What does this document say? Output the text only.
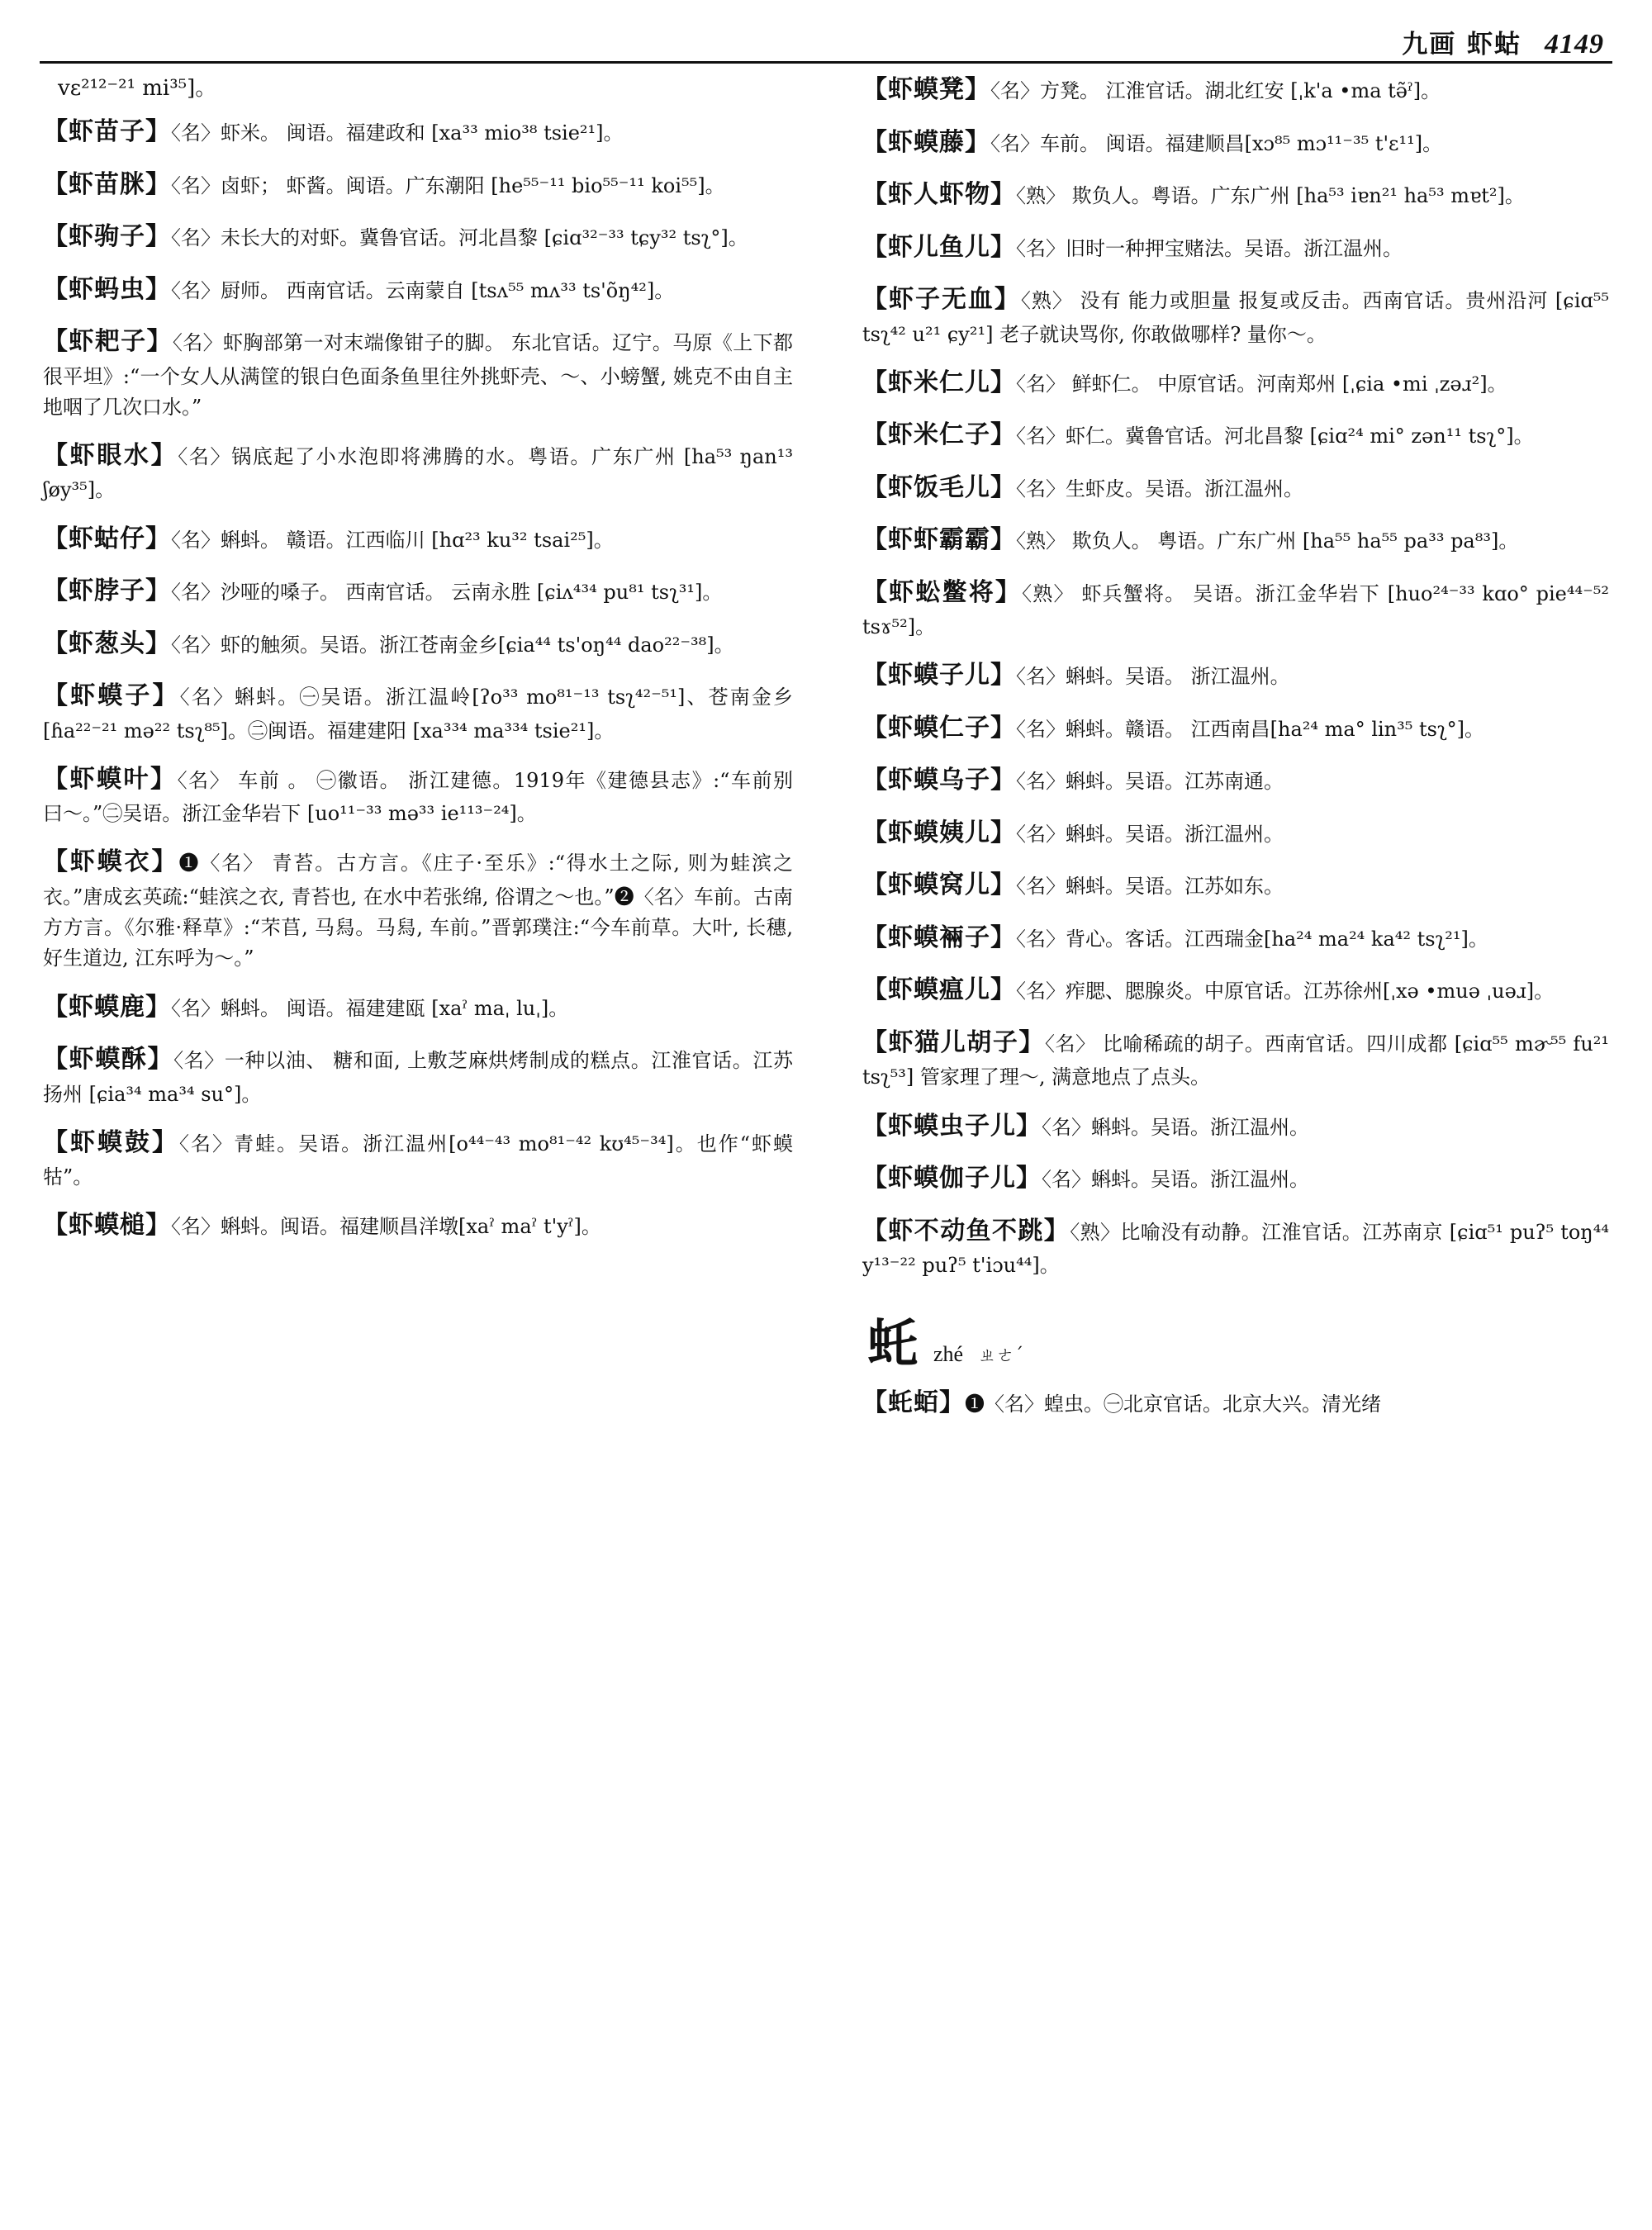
九画 虾蛄 4149
vɛ²¹²⁻²¹ mi³⁵]。
【虾苗子】〈名〉虾米。 闽语。福建政和 [xa³³ mio³⁸ tsie²¹]。
【虾苗脒】〈名〉卤虾； 虾酱。闽语。广东潮阳 [he⁵⁵⁻¹¹ bio⁵⁵⁻¹¹ koi⁵⁵]。
【虾驹子】〈名〉未长大的对虾。冀鲁官话。河北昌黎 [ɕiɑ³²⁻³³ tɕy³² tsʅ°]。
【虾蚂虫】〈名〉厨师。 西南官话。云南蒙自 [tsʌ⁵⁵ mʌ³³ ts'õŋ⁴²]。
【虾耙子】〈名〉虾胸部第一对末端像钳子的脚。 东北官话。辽宁。马原《上下都很平坦》:“一个女人从满筐的银白色面条鱼里往外挑虾壳、〜、小螃蟹, 姚克不由自主地咽了几次口水。”
【虾眼水】〈名〉锅底起了小水泡即将沸腾的水。粤语。广东广州 [ha⁵³ ŋan¹³ ʃøy³⁵]。
【虾蛄仔】〈名〉蝌蚪。 赣语。江西临川 [hɑ²³ ku³² tsai²⁵]。
【虾脖子】〈名〉沙哑的嗓子。 西南官话。 云南永胜 [ɕiʌ⁴³⁴ pu⁸¹ tsʅ³¹]。
【虾葱头】〈名〉虾的触须。吴语。浙江苍南金乡[ɕia⁴⁴ ts'oŋ⁴⁴ dao²²⁻³⁸]。
【虾蟆子】〈名〉蝌蚪。㊀吴语。浙江温岭[ʔo³³ mo⁸¹⁻¹³ tsʅ⁴²⁻⁵¹]、苍南金乡 [ɦa²²⁻²¹ mə²² tsʅ⁸⁵]。㊁闽语。福建建阳 [xa³³⁴ ma³³⁴ tsie²¹]。
【虾蟆叶】〈名〉 车前 。 ㊀徽语。 浙江建德。1919年《建德县志》:“车前别曰〜。”㊁吴语。浙江金华岩下 [uo¹¹⁻³³ mə³³ ie¹¹³⁻²⁴]。
【虾蟆衣】❶〈名〉 青苔。古方言。《庄子·至乐》:“得水土之际, 则为蛙滨之衣。”唐成玄英疏:“蛙滨之衣, 青苔也, 在水中若张绵, 俗谓之〜也。”❷〈名〉车前。古南方方言。《尔雅·释草》:“芣苢, 马舄。马舄, 车前。”晋郭璞注:“今车前草。大叶, 长穗, 好生道边, 江东呼为〜。”
【虾蟆鹿】〈名〉蝌蚪。 闽语。福建建瓯 [xaˀ maˌ luˌ]。
【虾蟆酥】〈名〉一种以油、 糖和面, 上敷芝麻烘烤制成的糕点。江淮官话。江苏扬州 [ɕia³⁴ ma³⁴ su°]。
【虾蟆鼓】〈名〉青蛙。吴语。浙江温州[o⁴⁴⁻⁴³ mo⁸¹⁻⁴² kʊ⁴⁵⁻³⁴]。也作“虾蟆牯”。
【虾蟆槌】〈名〉蝌蚪。闽语。福建顺昌洋墩[xaˀ maˀ t'yˀ]。
【虾蟆凳】〈名〉方凳。 江淮官话。湖北红安 [ˌk'a •ma tə̃ˀ]。
【虾蟆藤】〈名〉车前。 闽语。福建顺昌[xɔ⁸⁵ mɔ¹¹⁻³⁵ t'ɛ¹¹]。
【虾人虾物】〈熟〉 欺负人。粤语。广东广州 [ha⁵³ iɐn²¹ ha⁵³ mɐt²]。
【虾儿鱼儿】〈名〉旧时一种押宝赌法。吴语。浙江温州。
【虾子无血】〈熟〉 没有 能力或胆量 报复或反击。西南官话。贵州沿河 [ɕiɑ⁵⁵ tsʅ⁴² u²¹ ɕy²¹] 老子就诀骂你, 你敢做哪样? 量你〜。
【虾米仁儿】〈名〉 鲜虾仁。 中原官话。河南郑州 [ˌɕia •mi ˌzəɹ²]。
【虾米仁子】〈名〉虾仁。冀鲁官话。河北昌黎 [ɕiɑ²⁴ mi° zən¹¹ tsʅ°]。
【虾饭毛儿】〈名〉生虾皮。吴语。浙江温州。
【虾虾霸霸】〈熟〉 欺负人。 粤语。广东广州 [ha⁵⁵ ha⁵⁵ pa³³ pa⁸³]。
【虾蚣鳖将】〈熟〉 虾兵蟹将。 吴语。浙江金华岩下 [huo²⁴⁻³³ kɑo° pie⁴⁴⁻⁵² tsɤ⁵²]。
【虾蟆子儿】〈名〉蝌蚪。吴语。 浙江温州。
【虾蟆仁子】〈名〉蝌蚪。赣语。 江西南昌[ha²⁴ ma° lin³⁵ tsʅ°]。
【虾蟆乌子】〈名〉蝌蚪。吴语。江苏南通。
【虾蟆姨儿】〈名〉蝌蚪。吴语。浙江温州。
【虾蟆窝儿】〈名〉蝌蚪。吴语。江苏如东。
【虾蟆裲子】〈名〉背心。客话。江西瑞金[ha²⁴ ma²⁴ ka⁴² tsʅ²¹]。
【虾蟆瘟儿】〈名〉痄腮、腮腺炎。中原官话。江苏徐州[ˌxə •muə ˌuəɹ]。
【虾猫儿胡子】〈名〉 比喻稀疏的胡子。西南官话。四川成都 [ɕiɑ⁵⁵ mɚ⁵⁵ fu²¹ tsʅ⁵³] 管家理了理〜, 满意地点了点头。
【虾蟆虫子儿】〈名〉蝌蚪。吴语。浙江温州。
【虾蟆伽子儿】〈名〉蝌蚪。吴语。浙江温州。
【虾不动鱼不跳】〈熟〉比喻没有动静。江淮官话。江苏南京 [ɕiɑ⁵¹ puʔ⁵ toŋ⁴⁴ y¹³⁻²² puʔ⁵ t'iɔu⁴⁴]。
虴 zhé ㄓㄜˊ
【虴蛨】❶〈名〉蝗虫。㊀北京官话。北京大兴。清光绪
